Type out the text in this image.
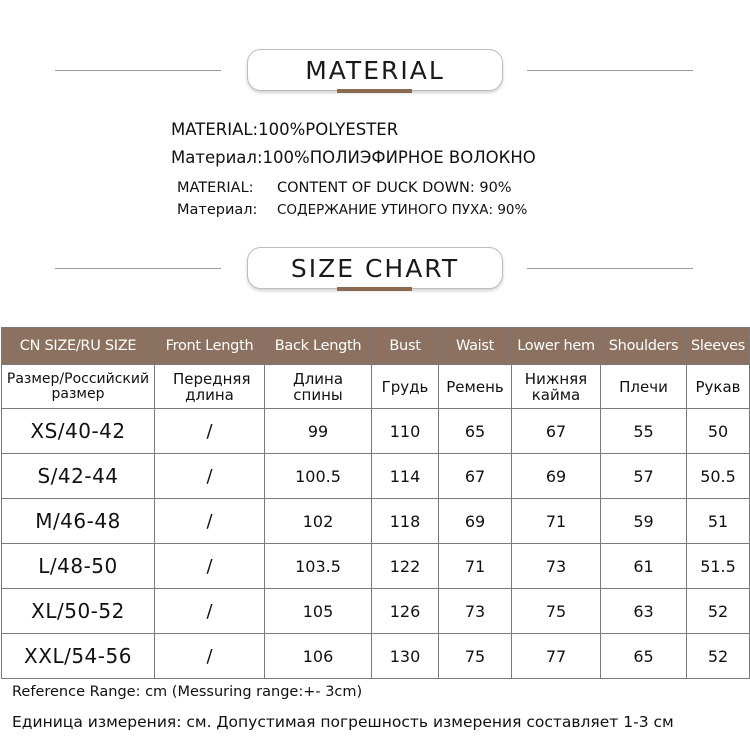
MATERIAL
MATERIAL:100%POLYESTER
Материал:100%ПОЛИЭФИРНОЕ ВОЛОКНО
MATERIAL: CONTENT OF DUCK DOWN: 90%
Материал: СОДЕРЖАНИЕ УТИНОГО ПУХА: 90%
SIZE CHART
CN SIZE/RU SIZE	Front Length	Back Length	Bust	Waist	Lower hem	Shoulders	Sleeves
Размер/Российский размер	Передняя длина	Длина спины	Грудь	Ремень	Нижняя кайма	Плечи	Рукав
XS/40-42	/	99	110	65	67	55	50
S/42-44	/	100.5	114	67	69	57	50.5
M/46-48	/	102	118	69	71	59	51
L/48-50	/	103.5	122	71	73	61	51.5
XL/50-52	/	105	126	73	75	63	52
XXL/54-56	/	106	130	75	77	65	52
Reference Range: cm (Messuring range:+- 3cm)
Единица измерения: см. Допустимая погрешность измерения составляет 1-3 см
